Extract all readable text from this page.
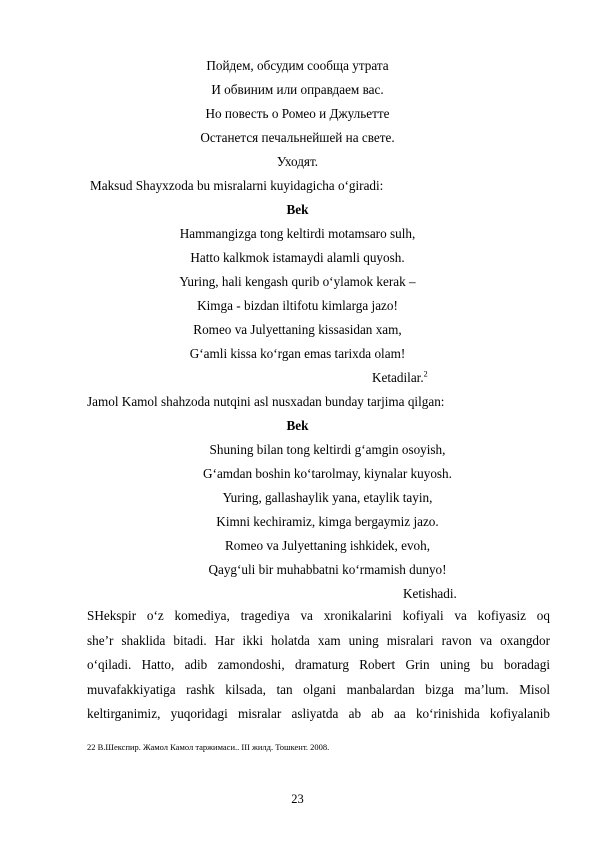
Пойдем, обсудим сообща утрата
И обвиним или оправдаем вас.
Но повесть о Ромео и Джульетте
Останется печальнейшей на свете.
Уходят.
Maksud Shayxzoda bu misralarni kuyidagicha o‘giradi:
Bek
Hammangizga tong keltirdi motamsaro sulh,
Hatto kalkmok istamaydi alamli quyosh.
Yuring, hali kengash qurib o‘ylamok kerak –
Kimga - bizdan iltifotu kimlarga jazo!
Romeo va Julyettaning kissasidan xam,
G‘amli kissa ko‘rgan emas tarixda olam!
Ketadilar.$^2$
Jamol Kamol shahzoda nutqini asl nusxadan bunday tarjima qilgan:
Bek
Shuning bilan tong keltirdi g‘amgin osoyish,
G‘amdan boshin ko‘tarolmay, kiynalar kuyosh.
Yuring, gallashaylik yana, etaylik tayin,
Kimni kechiramiz, kimga bergaymiz jazo.
Romeo va Julyettaning ishkidek, evoh,
Qayg‘uli bir muhabbatni ko‘rmamish dunyo!
Ketishadi.
SHekspir o‘z komediya, tragediya va xronikalarini kofiyali va kofiyasiz oq
she’r shaklida bitadi. Har ikki holatda xam uning misralari ravon va oxangdor
o‘qiladi. Hatto, adib zamondoshi, dramaturg Robert Grin uning bu boradagi
muvafakkiyatiga rashk kilsada, tan olgani manbalardan bizga ma’lum. Misol
keltirganimiz, yuqoridagi misralar asliyatda ab ab aa ko‘rinishida kofiyalanib
22 В.Шекспир. Жамол Камол таржимаси.. III жилд. Тошкент. 2008.
23
